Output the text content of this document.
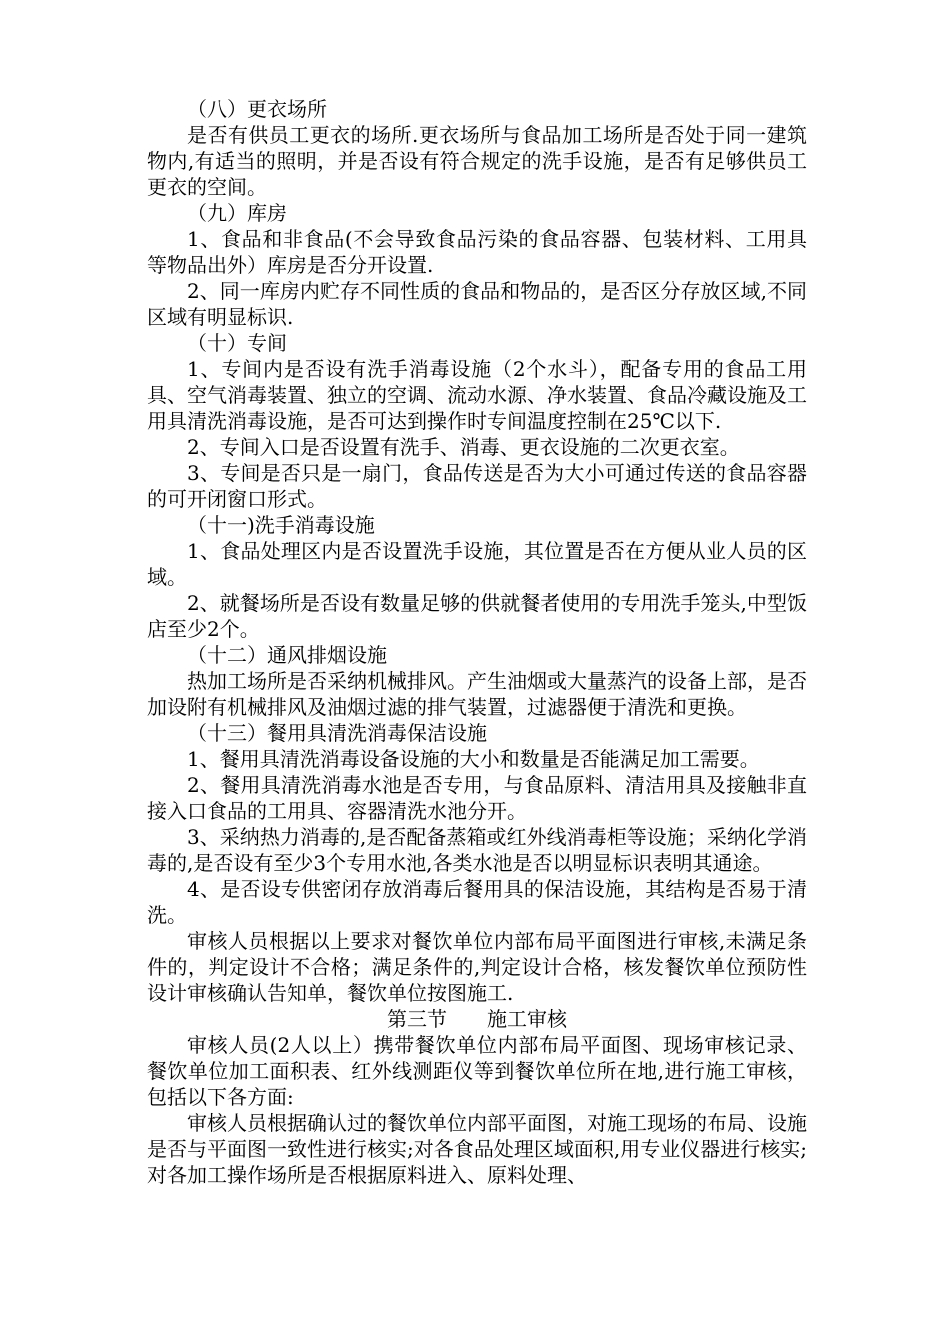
（八）更衣场所

是否有供员工更衣的场所.更衣场所与食品加工场所是否处于同一建筑物内,有适当的照明，并是否设有符合规定的洗手设施，是否有足够供员工更衣的空间。

（九）库房

1、食品和非食品(不会导致食品污染的食品容器、包装材料、工用具等物品出外）库房是否分开设置.

2、同一库房内贮存不同性质的食品和物品的，是否区分存放区域,不同区域有明显标识.

（十）专间

1、专间内是否设有洗手消毒设施（2个水斗），配备专用的食品工用具、空气消毒装置、独立的空调、流动水源、净水装置、食品冷藏设施及工用具清洗消毒设施，是否可达到操作时专间温度控制在25℃以下.

2、专间入口是否设置有洗手、消毒、更衣设施的二次更衣室。

3、专间是否只是一扇门，食品传送是否为大小可通过传送的食品容器的可开闭窗口形式。

（十一)洗手消毒设施

1、食品处理区内是否设置洗手设施，其位置是否在方便从业人员的区域。

2、就餐场所是否设有数量足够的供就餐者使用的专用洗手笼头,中型饭店至少2个。

（十二）通风排烟设施

热加工场所是否采纳机械排风。产生油烟或大量蒸汽的设备上部，是否加设附有机械排风及油烟过滤的排气装置，过滤器便于清洗和更换。

（十三）餐用具清洗消毒保洁设施

1、餐用具清洗消毒设备设施的大小和数量是否能满足加工需要。

2、餐用具清洗消毒水池是否专用，与食品原料、清洁用具及接触非直接入口食品的工用具、容器清洗水池分开。

3、采纳热力消毒的,是否配备蒸箱或红外线消毒柜等设施；采纳化学消毒的,是否设有至少3个专用水池,各类水池是否以明显标识表明其通途。

4、是否设专供密闭存放消毒后餐用具的保洁设施，其结构是否易于清洗。

审核人员根据以上要求对餐饮单位内部布局平面图进行审核,未满足条件的，判定设计不合格；满足条件的,判定设计合格，核发餐饮单位预防性设计审核确认告知单，餐饮单位按图施工.

第三节　　施工审核

审核人员(2人以上）携带餐饮单位内部布局平面图、现场审核记录、餐饮单位加工面积表、红外线测距仪等到餐饮单位所在地,进行施工审核，包括以下各方面:

审核人员根据确认过的餐饮单位内部平面图，对施工现场的布局、设施是否与平面图一致性进行核实;对各食品处理区域面积,用专业仪器进行核实;对各加工操作场所是否根据原料进入、原料处理、
